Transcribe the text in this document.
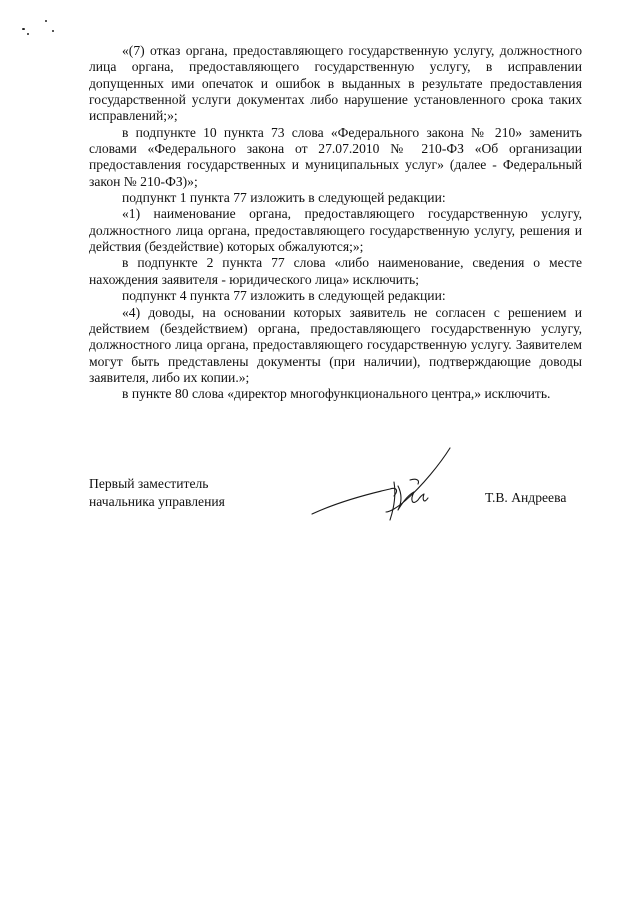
«(7) отказ органа, предоставляющего государственную услугу, должностного лица органа, предоставляющего государственную услугу, в исправлении допущенных ими опечаток и ошибок в выданных в результате предоставления государственной услуги документах либо нарушение установленного срока таких исправлений;»;

в подпункте 10 пункта 73 слова «Федерального закона № 210» заменить словами «Федерального закона от 27.07.2010 № 210-ФЗ «Об организации предоставления государственных и муниципальных услуг» (далее - Федеральный закон № 210-ФЗ)»;

подпункт 1 пункта 77 изложить в следующей редакции:

«1) наименование органа, предоставляющего государственную услугу, должностного лица органа, предоставляющего государственную услугу, решения и действия (бездействие) которых обжалуются;»;

в подпункте 2 пункта 77 слова «либо наименование, сведения о месте нахождения заявителя - юридического лица» исключить;

подпункт 4 пункта 77 изложить в следующей редакции:

«4) доводы, на основании которых заявитель не согласен с решением и действием (бездействием) органа, предоставляющего государственную услугу, должностного лица органа, предоставляющего государственную услугу. Заявителем могут быть представлены документы (при наличии), подтверждающие доводы заявителя, либо их копии.»;

в пункте 80 слова «директор многофункционального центра,» исключить.

Первый заместитель
начальника управления	Т.В. Андреева
